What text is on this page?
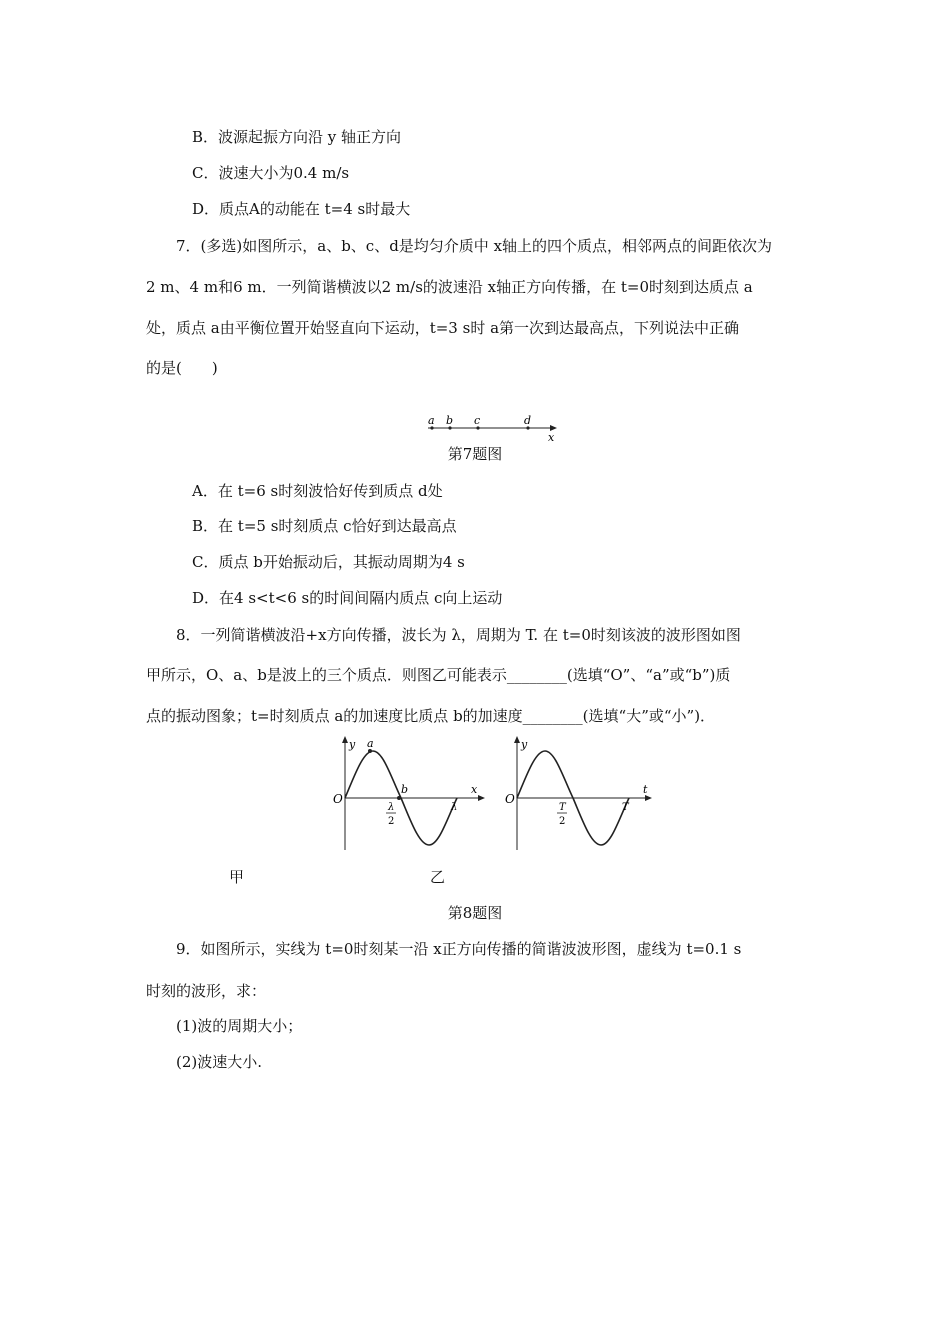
B．波源起振方向沿 y 轴正方向
C．波速大小为0.4 m/s
D．质点A的动能在 t=4 s时最大
7．(多选)如图所示，a、b、c、d是均匀介质中 x轴上的四个质点，相邻两点的间距依次为
2 m、4 m和6 m．一列简谐横波以2 m/s的波速沿 x轴正方向传播，在 t=0时刻到达质点 a
处，质点 a由平衡位置开始竖直向下运动，t=3 s时 a第一次到达最高点，下列说法中正确
的是(　　)
a b c	d
x
第7题图
A．在 t=6 s时刻波恰好传到质点 d处
B．在 t=5 s时刻质点 c恰好到达最高点
C．质点 b开始振动后，其振动周期为4 s
D．在4 s<t<6 s的时间间隔内质点 c向上运动
8．一列简谐横波沿+x方向传播，波长为 λ，周期为 T. 在 t=0时刻该波的波形图如图
甲所示，O、a、b是波上的三个质点．则图乙可能表示________(选填“O”、“a”或“b”)质
点的振动图象；t=时刻质点 a的加速度比质点 b的加速度________(选填“大”或“小”)．
y
O
a
b	x
λ
2
λ
y
O
t
T
2
T
甲	乙
第8题图
9．如图所示，实线为 t=0时刻某一沿 x正方向传播的简谐波波形图，虚线为 t=0.1 s
时刻的波形，求：
(1)波的周期大小；
(2)波速大小.
